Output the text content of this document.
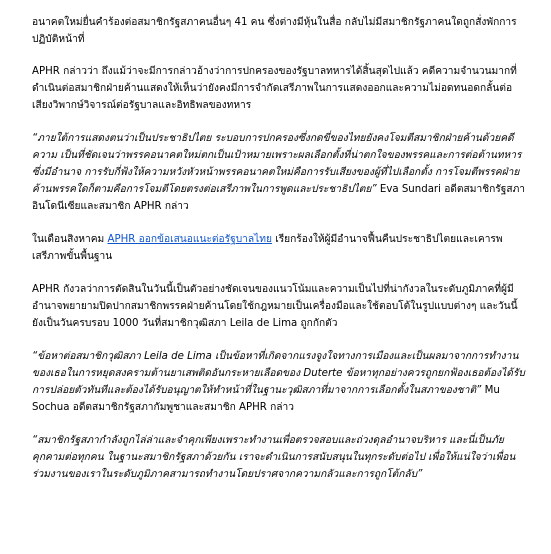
อนาคตใหม่ยื่นคำร้องต่อสมาชิกรัฐสภาคนอื่นๆ 41 คน ซึ่งต่างมีหุ้นในสื่อ กลับไม่มีสมาชิกรัฐภาคนใดถูกสั่งพักการปฏิบัติหน้าที่

APHR กล่าวว่า ถึงแม้ว่าจะมีการกล่าวอ้างว่าการปกครองของรัฐบาลทหารได้สิ้นสุดไปแล้ว คดีความจำนวนมากที่ดำเนินต่อสมาชิกฝ่ายค้านแสดงให้เห็นว่ายังคงมีการจำกัดเสรีภาพในการแสดงออกและความไม่อดทนอดกลั้นต่อเสียงวิพากษ์วิจารณ์ต่อรัฐบาลและอิทธิพลของทหาร

“ภายใต้การแสดงตนว่าเป็นประชาธิปไตย ระบอบการปกครองซึ่งกดขี่ของไทยยังคงโจมตีสมาชิกฝ่ายค้านด้วยคดีความ เป็นที่ชัดเจนว่าพรรคอนาคตใหม่ตกเป็นเป้าหมายเพราะผลเลือกตั้งที่น่าตกใจของพรรคและการต่อต้านทหารซึ่งมีอำนาจ การรับกี่ฟ้งให้ความหวังหัวหน้าพรรคอนาคตใหม่คือการรับเสียงของผู้ที่ไปเลือกตั้ง การโจมตีพรรคฝ่ายค้านพรรคใดก็ตามคือการโจมตีโดยตรงต่อเสรีภาพในการพูดและประชาธิปไตย” Eva Sundari อดีตสมาชิกรัฐสภาอินโดนีเซียและสมาชิก APHR กล่าว

ในเดือนสิงหาคม APHR ออกข้อเสนอแนะต่อรัฐบาลไทย เรียกร้องให้ผู้มีอำนาจฟื้นคืนประชาธิปไตยและเคารพเสรีภาพขั้นพื้นฐาน

APHR กังวลว่าการตัดสินในวันนี้เป็นตัวอย่างชัดเจนของแนวโน้มและความเป็นไปที่น่ากังวลในระดับภูมิภาคที่ผู้มีอำนาจพยายามปิดปากสมาชิกพรรคฝ่ายค้านโดยใช้กฎหมายเป็นเครื่องมือและใช้ตอบโต้ในรูปแบบต่างๆ และวันนี้ยังเป็นวันครบรอบ 1000 วันที่สมาชิกวุฒิสภา Leila de Lima ถูกกักตัว

“ข้อหาต่อสมาชิกวุฒิสภา Leila de Lima เป็นข้อหาที่เกิดจากแรงจูงใจทางการเมืองและเป็นผลมาจากการทำงานของเธอในการหยุดสงครามต้านยาเสพติดอันกระหายเลือดของ Duterte ข้อหาทุกอย่างควรถูกยกฟ้องเธอต้องได้รับการปล่อยตัวทันทีและต้องได้รับอนุญาตให้ทำหน้าที่ในฐานะวุฒิสภาที่มาจากการเลือกตั้งในสภาของชาติ” Mu Sochua อดีตสมาชิกรัฐสภากัมพูชาและสมาชิก APHR กล่าว

“สมาชิกรัฐสภากำลังถูกไล่ล่าและจำคุกเพียงเพราะทำงานเพื่อตรวจสอบและถ่วงดุลอำนาจบริหาร และนี่เป็นภัยคุกคามต่อทุกคน ในฐานะสมาชิกรัฐสภาด้วยกัน เราจะดำเนินการสนับสนุนในทุกระดับต่อไป เพื่อให้แน่ใจว่าเพื่อนร่วมงานของเราในระดับภูมิภาคสามารถทำงานโดยปราศจากความกลัวและการถูกโต้กลับ”
